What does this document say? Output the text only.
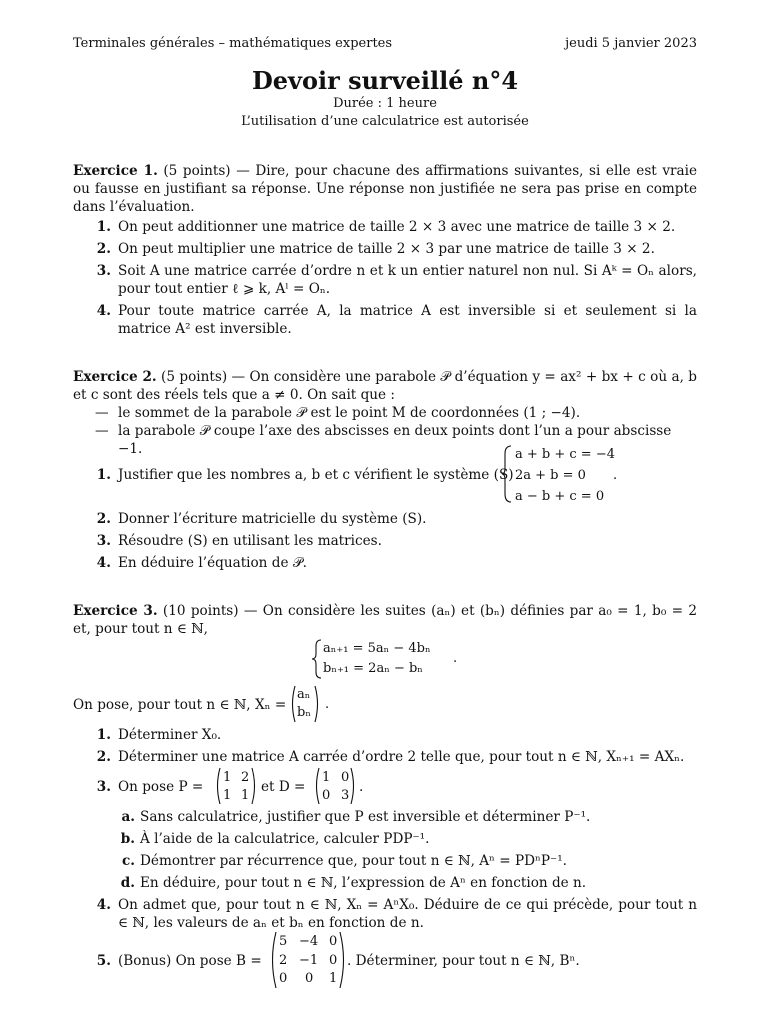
Terminales générales – mathématiques expertes	jeudi 5 janvier 2023
Devoir surveillé n°4
Durée : 1 heure
L’utilisation d’une calculatrice est autorisée

Exercice 1. (5 points) — Dire, pour chacune des affirmations suivantes, si elle est vraie ou fausse en justifiant sa réponse. Une réponse non justifiée ne sera pas prise en compte dans l’évaluation.

1. On peut additionner une matrice de taille 2 × 3 avec une matrice de taille 3 × 2.
2. On peut multiplier une matrice de taille 2 × 3 par une matrice de taille 3 × 2.
3. Soit A une matrice carrée d’ordre n et k un entier naturel non nul. Si Aᵏ = Oₙ alors, pour tout entier ℓ ⩾ k, Aˡ = Oₙ.
4. Pour toute matrice carrée A, la matrice A est inversible si et seulement si la matrice A² est inversible.

Exercice 2. (5 points) — On considère une parabole 𝒫 d’équation y = ax² + bx + c où a, b et c sont des réels tels que a ≠ 0. On sait que :

— le sommet de la parabole 𝒫 est le point M de coordonnées (1 ; −4).
— la parabole 𝒫 coupe l’axe des abscisses en deux points dont l’un a pour abscisse −1.
1. Justifier que les nombres a, b et c vérifient le système (S)
a + b + c = −4
2a + b = 0
a − b + c = 0
.
2. Donner l’écriture matricielle du système (S).
3. Résoudre (S) en utilisant les matrices.
4. En déduire l’équation de 𝒫.

Exercice 3. (10 points) — On considère les suites (aₙ) et (bₙ) définies par a₀ = 1, b₀ = 2 et, pour tout n ∈ ℕ,

aₙ₊₁ = 5aₙ − 4bₙ
bₙ₊₁ = 2aₙ − bₙ
.
On pose, pour tout n ∈ ℕ, Xₙ =
aₙ
bₙ
.
1. Déterminer X₀.
2. Déterminer une matrice A carrée d’ordre 2 telle que, pour tout n ∈ ℕ, Xₙ₊₁ = AXₙ.
3. On pose P =	et D =	.
1 2
1 1
1 0
0 3
a. Sans calculatrice, justifier que P est inversible et déterminer P⁻¹.
b. À l’aide de la calculatrice, calculer PDP⁻¹.
c. Démontrer par récurrence que, pour tout n ∈ ℕ, Aⁿ = PDⁿP⁻¹.
d. En déduire, pour tout n ∈ ℕ, l’expression de Aⁿ en fonction de n.
4. On admet que, pour tout n ∈ ℕ, Xₙ = AⁿX₀. Déduire de ce qui précède, pour tout n ∈ ℕ, les valeurs de aₙ et bₙ en fonction de n.
5. (Bonus) On pose B =	. Déterminer, pour tout n ∈ ℕ, Bⁿ.
5 −4 0
2 −1 0
0 0 1
